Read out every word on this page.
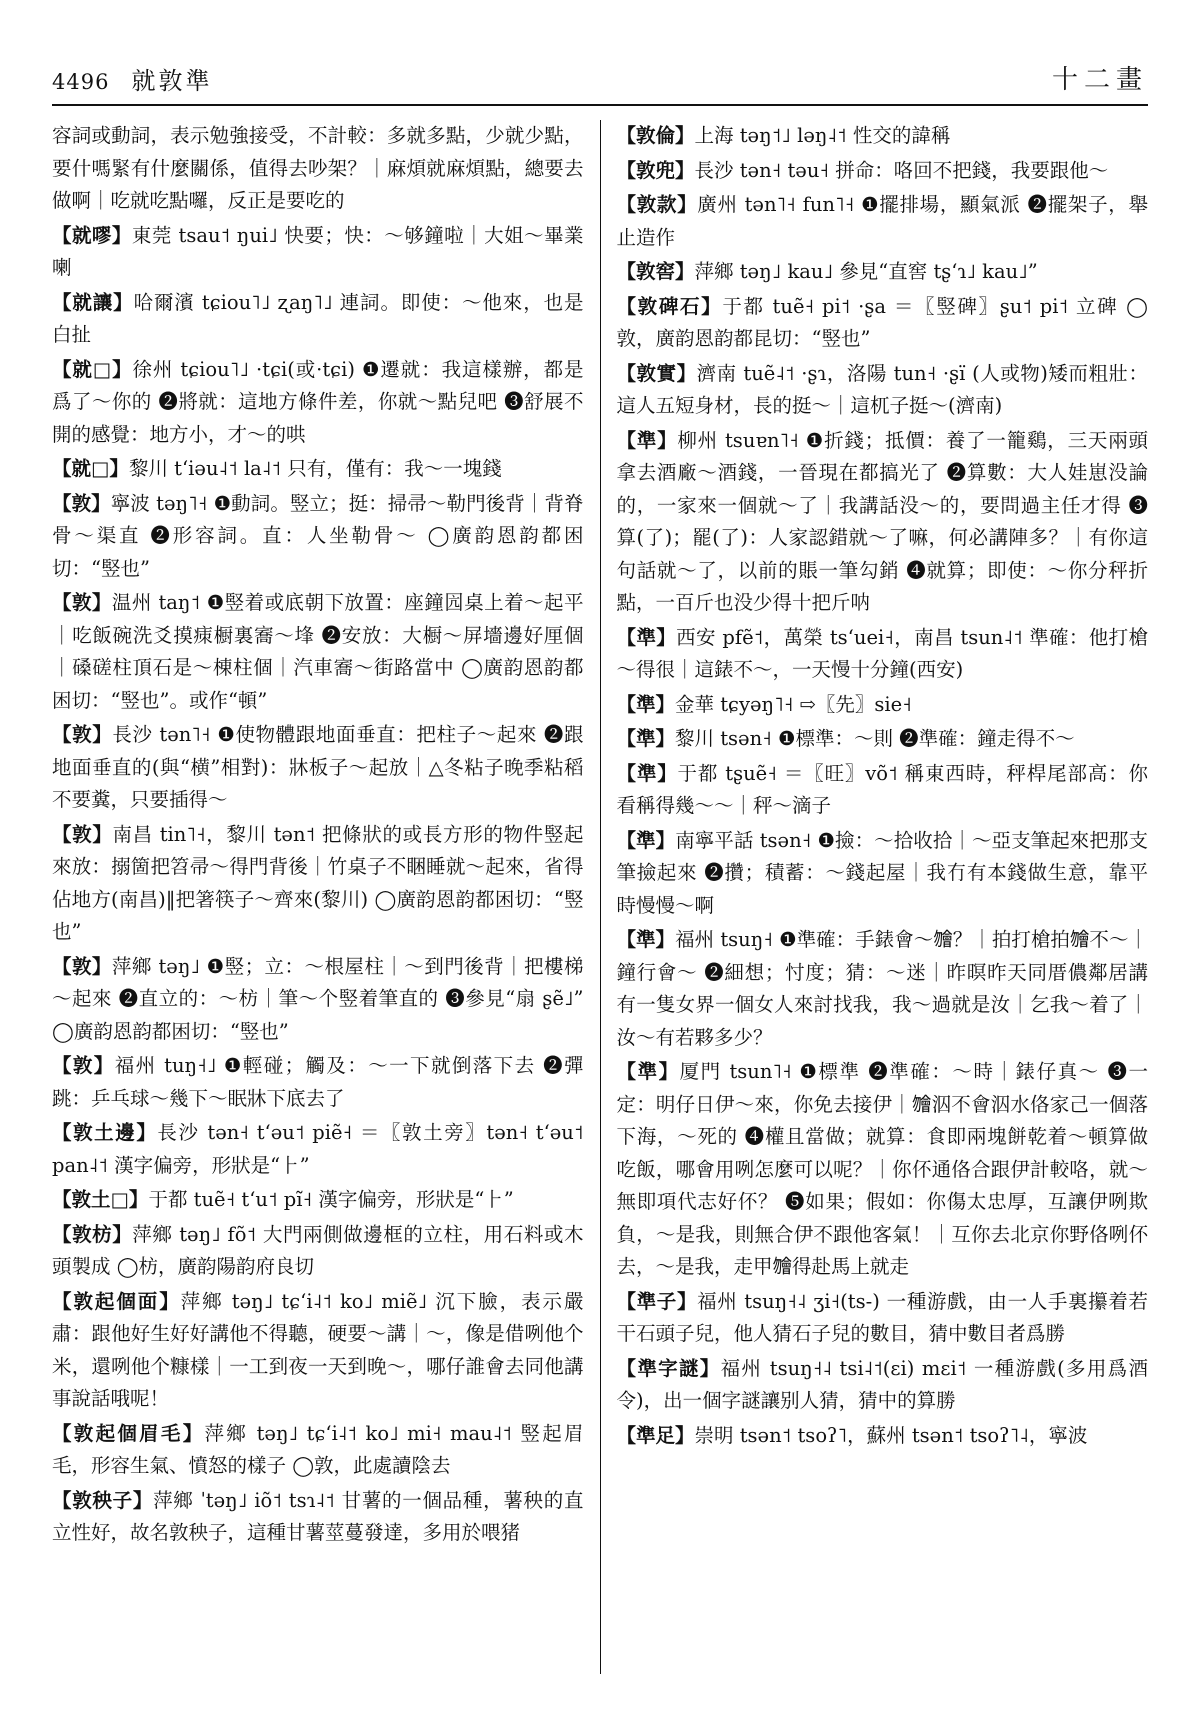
4496 就敦準	十二畫
容詞或動詞，表示勉強接受，不計較：多就多點，少就少點，要什嗎緊有什麼關係，值得去吵架？｜麻煩就麻煩點，總要去做啊｜吃就吃點囉，反正是要吃的
【就嘐】東莞 tsau˦ ŋui˩ 快要；快：～够鐘啦｜大姐～畢業喇
【就讓】哈爾濱 tɕiou˥˩ ʐaŋ˥˩ 連詞。即使：～他來，也是白扯
【就□】徐州 tɕiou˥˩ ·tɕi(或·tɕi) ❶遷就：我這樣辦，都是爲了～你的 ❷將就：這地方條件差，你就～點兒吧 ❸舒展不開的感覺：地方小，才～的哄
【就□】黎川 tʻiəu˨˦ la˨˦ 只有，僅有：我～一塊錢
【敦】寧波 təŋ˥˧ ❶動詞。竪立；挺：掃帚～勒門後背｜背脊骨～渠直 ❷形容詞。直：人坐勒骨～ ◯廣韵恩韵都困切：“竪也”
【敦】温州 taŋ˦ ❶竪着或底朝下放置：座鐘囥桌上着～起平｜吃飯碗洗爻摸㾊橱裏㝯～埄 ❷安放：大橱～屏墻邊好厘個｜磉磋柱頂石是～棟柱個｜汽車㝯～街路當中 ◯廣韵恩韵都困切：“竪也”。或作“頓”
【敦】長沙 tən˥˧ ❶使物體跟地面垂直：把柱子～起來 ❷跟地面垂直的(與“横”相對)：牀板子～起放｜△冬粘子晚季粘稻不要糞，只要插得～
【敦】南昌 tin˥˧，黎川 tən˦ 把條狀的或長方形的物件竪起來放：搦箇把笤帚～得門背後｜竹桌子不睏睡就～起來，省得佔地方(南昌)‖把箸筷子～齊來(黎川) ◯廣韵恩韵都困切：“竪也”
【敦】萍鄉 təŋ˩ ❶竪；立：～根屋柱｜～到門後背｜把樓梯～起來 ❷直立的：～枋｜筆～个竪着筆直的 ❸參見“扇 ʂẽ˩” ◯廣韵恩韵都困切：“竪也”
【敦】福州 tuŋ˧˩ ❶輕碰；觸及：～一下就倒落下去 ❷彈跳：乒乓球～幾下～眠牀下底去了
【敦土邊】長沙 tən˧ tʻəu˦ piẽ˧ ＝〖敦土旁〗tən˧ tʻəu˦ pan˨˦ 漢字偏旁，形狀是“⺊”
【敦土□】于都 tuẽ˧ tʻu˦ pĩ˧ 漢字偏旁，形狀是“⺊”
【敦枋】萍鄉 təŋ˩ fõ˦ 大門兩側做邊框的立柱，用石料或木頭製成 ◯枋，廣韵陽韵府良切
【敦起個面】萍鄉 təŋ˩ tɕʻi˨˦ ko˩ miẽ˩ 沉下臉，表示嚴肅：跟他好生好好講他不得聽，硬要～講｜～，像是借咧他个米，還咧他个糠樣｜一工到夜一天到晚～，哪仔誰會去同他講事說話哦呢！
【敦起個眉毛】萍鄉 təŋ˩ tɕʻi˨˦ ko˩ mi˧ mau˨˦ 竪起眉毛，形容生氣、憤怒的樣子 ◯敦，此處讀陰去
【敦秧子】萍鄉 ˈtəŋ˩ iõ˦ tsɿ˨˦ 甘薯的一個品種，薯秧的直立性好，故名敦秧子，這種甘薯莖蔓發達，多用於喂猪
【敦倫】上海 təŋ˦˩ ləŋ˨˦ 性交的諱稱
【敦兜】長沙 tən˧ təu˧ 拼命：咯回不把錢，我要跟他～
【敦款】廣州 tən˥˧ fun˥˧ ❶擺排場，顯氣派 ❷擺架子，舉止造作
【敦窖】萍鄉 təŋ˩ kau˩ 參見“直窖 tʂʻɿ˩ kau˩”
【敦碑石】于都 tuẽ˧ pi˦ ·ʂa ＝〖竪碑〗ʂu˦ pi˦ 立碑 ◯敦，廣韵恩韵都昆切：“竪也”
【敦實】濟南 tuẽ˨˦ ·ʂɿ，洛陽 tun˧ ·ʂï (人或物)矮而粗壯：這人五短身材，長的挺～｜這杌子挺～(濟南)
【準】柳州 tsuɐn˥˧ ❶折錢；抵價：養了一籠鷄，三天兩頭拿去酒廠～酒錢，一晉現在都搞光了 ❷算數：大人娃崽没論的，一家來一個就～了｜我講話没～的，要問過主任才得 ❸算(了)；罷(了)：人家認錯就～了嘛，何必講陣多？｜有你這句話就～了，以前的賬一筆勾銷 ❹就算；即使：～你分秤折點，一百斤也没少得十把斤呐
【準】西安 pfẽ˦，萬榮 tsʻuei˧，南昌 tsun˨˦ 準確：他打槍～得很｜這錶不～，一天慢十分鐘(西安)
【準】金華 tɕyəŋ˥˧ ⇨〖先〗sie˧
【準】黎川 tsən˧ ❶標準：～則 ❷準確：鐘走得不～
【準】于都 tʂuẽ˧ ＝〖旺〗võ˦ 稱東西時，秤桿尾部高：你看稱得幾～～｜秤～滴子
【準】南寧平話 tsən˧ ❶撿：～拾收拾｜～亞支筆起來把那支筆撿起來 ❷攢；積蓄：～錢起屋｜我冇有本錢做生意，靠平時慢慢～啊
【準】福州 tsuŋ˧ ❶準確：手錶會～𣍐？｜拍打槍拍𣍐不～｜鐘行會～ ❷細想；忖度；猜：～迷｜昨暝昨天同厝儂鄰居講有一隻女界一個女人來討找我，我～過就是汝｜乞我～着了｜汝～有若夥多少？
【準】厦門 tsun˥˧ ❶標準 ❷準確：～時｜錶仔真～ ❸一定：明仔日伊～來，你免去接伊｜𣍐泅不會泅水佫家己一個落下海，～死的 ❹權且當做；就算：食即兩塊餅乾着～頓算做吃飯，哪會用咧怎麼可以呢？｜你伓通佫合跟伊計較咯，就～無即項代志好伓？ ❺如果；假如：你傷太忠厚，互讓伊咧欺負，～是我，則無合伊不跟他客氣！｜互你去北京你野佫咧伓去，～是我，走甲𣍐得赴馬上就走
【準子】福州 tsuŋ˧˨ ʒi˧(ts-) 一種游戲，由一人手裏攥着若干石頭子兒，他人猜石子兒的數目，猜中數目者爲勝
【準字謎】福州 tsuŋ˧˨ tsi˨˦(ɛi) mɛi˦ 一種游戲(多用爲酒令)，出一個字謎讓别人猜，猜中的算勝
【準足】崇明 tsən˦ tsoʔ˥，蘇州 tsən˦ tsoʔ˥˨，寧波
